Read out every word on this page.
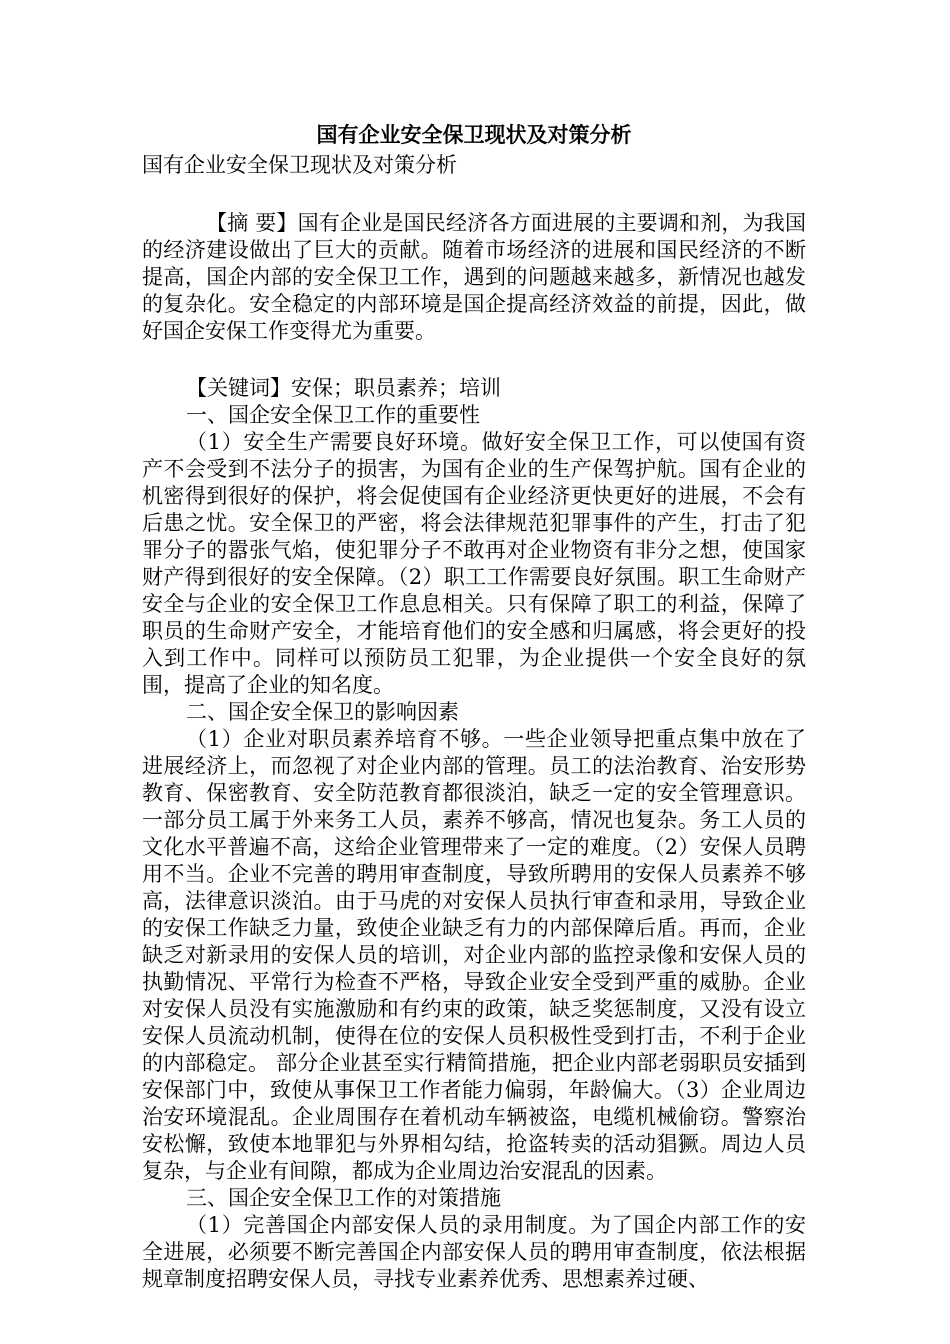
国有企业安全保卫现状及对策分析

国有企业安全保卫现状及对策分析

【摘 要】国有企业是国民经济各方面进展的主要调和剂，为我国的经济建设做出了巨大的贡献。随着市场经济的进展和国民经济的不断提高，国企内部的安全保卫工作，遇到的问题越来越多，新情况也越发的复杂化。安全稳定的内部环境是国企提高经济效益的前提，因此，做好国企安保工作变得尤为重要。

【关键词】安保；职员素养；培训

一、国企安全保卫工作的重要性

（1）安全生产需要良好环境。做好安全保卫工作，可以使国有资产不会受到不法分子的损害，为国有企业的生产保驾护航。国有企业的机密得到很好的保护，将会促使国有企业经济更快更好的进展，不会有后患之忧。安全保卫的严密，将会法律规范犯罪事件的产生，打击了犯罪分子的嚣张气焰，使犯罪分子不敢再对企业物资有非分之想，使国家财产得到很好的安全保障。（2）职工工作需要良好氛围。职工生命财产安全与企业的安全保卫工作息息相关。只有保障了职工的利益，保障了职员的生命财产安全，才能培育他们的安全感和归属感，将会更好的投入到工作中。同样可以预防员工犯罪，为企业提供一个安全良好的氛围，提高了企业的知名度。

二、国企安全保卫的影响因素

（1）企业对职员素养培育不够。一些企业领导把重点集中放在了进展经济上，而忽视了对企业内部的管理。员工的法治教育、治安形势教育、保密教育、安全防范教育都很淡泊，缺乏一定的安全管理意识。一部分员工属于外来务工人员，素养不够高，情况也复杂。务工人员的文化水平普遍不高，这给企业管理带来了一定的难度。（2）安保人员聘用不当。企业不完善的聘用审查制度，导致所聘用的安保人员素养不够高，法律意识淡泊。由于马虎的对安保人员执行审查和录用，导致企业的安保工作缺乏力量，致使企业缺乏有力的内部保障后盾。再而，企业缺乏对新录用的安保人员的培训，对企业内部的监控录像和安保人员的执勤情况、平常行为检查不严格，导致企业安全受到严重的威胁。企业对安保人员没有实施激励和有约束的政策，缺乏奖惩制度，又没有设立安保人员流动机制，使得在位的安保人员积极性受到打击，不利于企业的内部稳定。 部分企业甚至实行精简措施，把企业内部老弱职员安插到安保部门中，致使从事保卫工作者能力偏弱，年龄偏大。（3）企业周边治安环境混乱。企业周围存在着机动车辆被盗，电缆机械偷窃。警察治安松懈，致使本地罪犯与外界相勾结，抢盗转卖的活动猖獗。周边人员复杂，与企业有间隙，都成为企业周边治安混乱的因素。

三、国企安全保卫工作的对策措施

（1）完善国企内部安保人员的录用制度。为了国企内部工作的安全进展，必须要不断完善国企内部安保人员的聘用审查制度，依法根据规章制度招聘安保人员，寻找专业素养优秀、思想素养过硬、
